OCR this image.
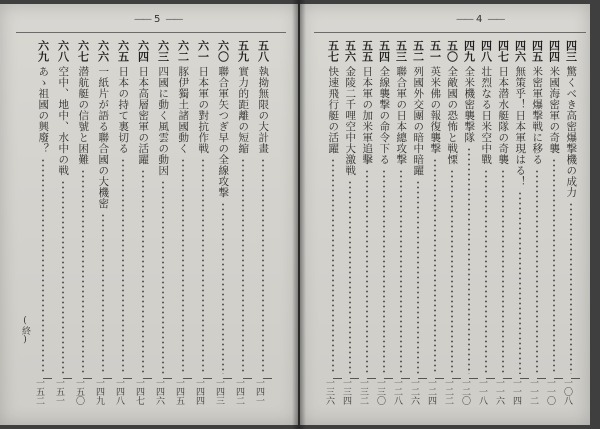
—— 5 ——
五八
執拗無限の大計畫
一四一
五九
實力的距離の短縮
一四二
六〇
聯合軍矢つぎ早の全線攻撃
一四三
六一
日本軍の對抗作戦
一四四
六二
豚伊獨土諸國動く
一四五
六三
四國に動く風雲の動因
一四六
六四
日本高層密軍の活躍
一四七
六五
日本の持て裏切る
一四八
六六
一紙片が語る聯合國の大機密
一四九
六七
潜航艇の信號と困難
一五〇
六八
空中、地中、水中の戦
一五一
六九
あゝ祖國の興廢？
一五二
(終)
—— 4 ——
四三
驚くべき高密爆撃機の成力
一〇八
四四
米國海密軍の奇襲
一一〇
四五
米密軍爆撃戦に移る
一一二
四六
無策乎！日本軍現はる！
一一四
四七
日本潜水艇隊の奇襲
一一六
四八
壮烈なる日米空中戰
一一八
四九
全米機密襲撃隊
一二〇
五〇
全敵國の恐怖と戦慄
一二二
五一
英米佛の報復襲撃
一二四
五二
列國外交團の暗中暗躍
一二六
五三
聯合軍の日本總攻撃
一二八
五四
全線襲撃の命令下る
一三〇
五五
日本軍の加米軍追擊
一三二
五六
金陵二千哩空中大激戦
一三四
五七
快速飛行艇の活躍
一三六
